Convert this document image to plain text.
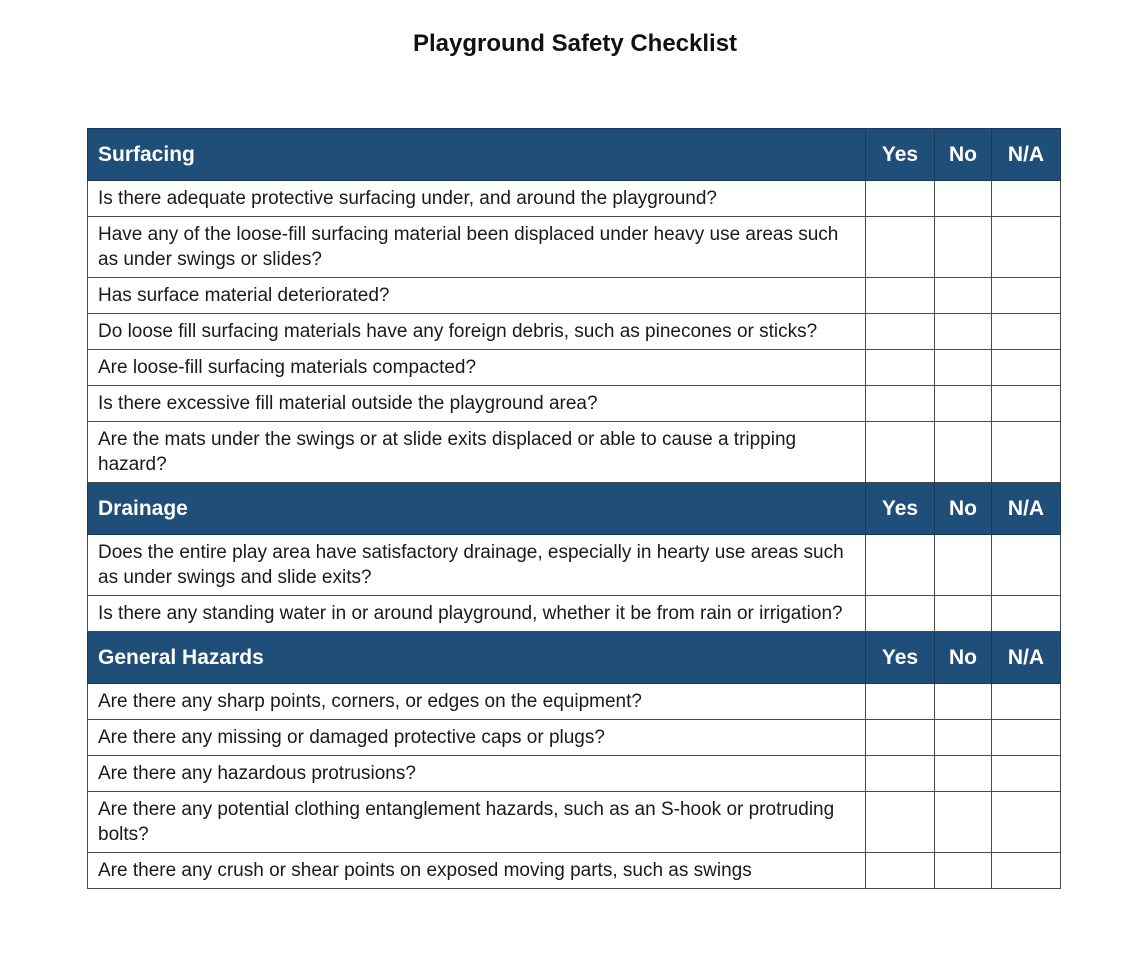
Playground Safety Checklist
Surfacing	Yes	No	N/A
Is there adequate protective surfacing under, and around the playground?			
Have any of the loose-fill surfacing material been displaced under heavy use areas such as under swings or slides?			
Has surface material deteriorated?			
Do loose fill surfacing materials have any foreign debris, such as pinecones or sticks?			
Are loose-fill surfacing materials compacted?			
Is there excessive fill material outside the playground area?			
Are the mats under the swings or at slide exits displaced or able to cause a tripping hazard?			
Drainage	Yes	No	N/A
Does the entire play area have satisfactory drainage, especially in hearty use areas such as under swings and slide exits?			
Is there any standing water in or around playground, whether it be from rain or irrigation?			
General Hazards	Yes	No	N/A
Are there any sharp points, corners, or edges on the equipment?			
Are there any missing or damaged protective caps or plugs?			
Are there any hazardous protrusions?			
Are there any potential clothing entanglement hazards, such as an S-hook or protruding bolts?			
Are there any crush or shear points on exposed moving parts, such as swings			
